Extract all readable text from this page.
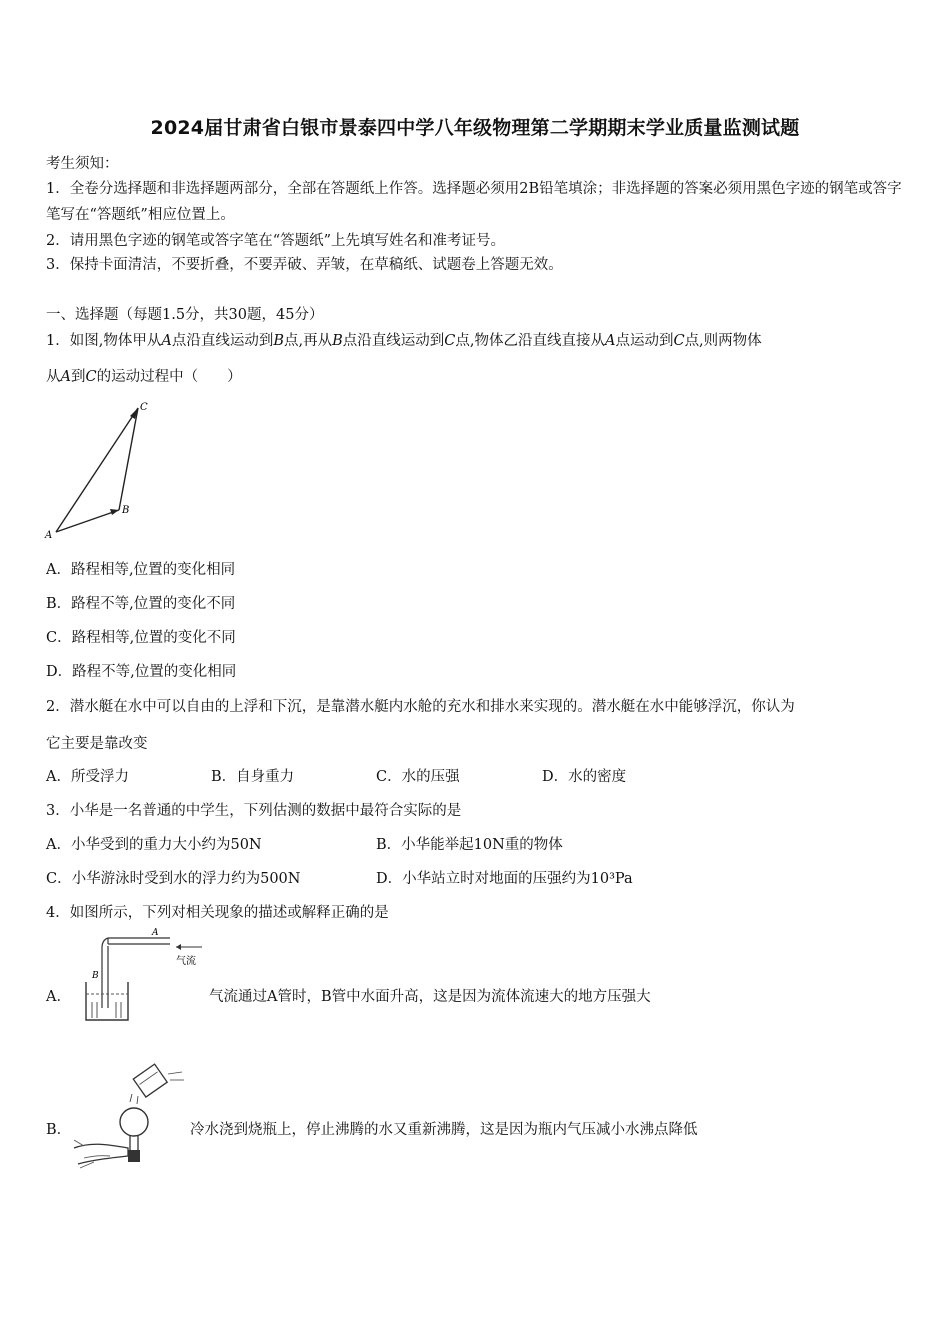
2024届甘肃省白银市景泰四中学八年级物理第二学期期末学业质量监测试题
考生须知：
1．全卷分选择题和非选择题两部分，全部在答题纸上作答。选择题必须用2B铅笔填涂；非选择题的答案必须用黑色字迹的钢笔或答字笔写在“答题纸”相应位置上。
2．请用黑色字迹的钢笔或答字笔在“答题纸”上先填写姓名和准考证号。
3．保持卡面清洁，不要折叠，不要弄破、弄皱，在草稿纸、试题卷上答题无效。
一、选择题（每题1.5分，共30题，45分）
1．如图,物体甲从A点沿直线运动到B点,再从B点沿直线运动到C点,物体乙沿直线直接从A点运动到C点,则两物体
从A到C的运动过程中（　　）
C
B
A
A．路程相等,位置的变化相同
B．路程不等,位置的变化不同
C．路程相等,位置的变化不同
D．路程不等,位置的变化相同
2．潜水艇在水中可以自由的上浮和下沉，是靠潜水艇内水舱的充水和排水来实现的。潜水艇在水中能够浮沉，你认为
它主要是靠改变
A．所受浮力	B．自身重力	C．水的压强	D．水的密度
3．小华是一名普通的中学生，下列估测的数据中最符合实际的是
A．小华受到的重力大小约为50N	B．小华能举起10N重的物体
C．小华游泳时受到水的浮力约为500N	D．小华站立时对地面的压强约为10³Pa
4．如图所示，下列对相关现象的描述或解释正确的是
A．
A
气流
B
气流通过A管时，B管中水面升高，这是因为流体流速大的地方压强大
B．	冷水浇到烧瓶上，停止沸腾的水又重新沸腾，这是因为瓶内气压减小水沸点降低
